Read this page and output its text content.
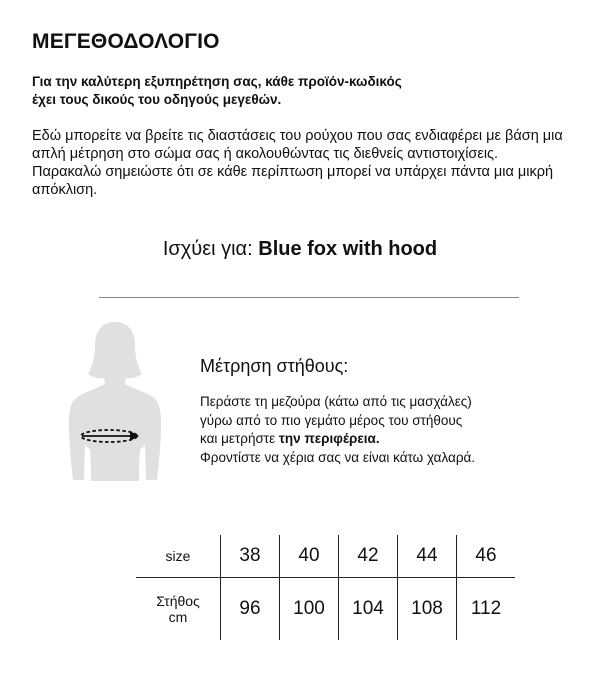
ΜΕΓΕΘΟΔΟΛΟΓΙΟ
Για την καλύτερη εξυπηρέτηση σας, κάθε προϊόν-κωδικός
έχει τους δικούς του οδηγούς μεγεθών.
Εδώ μπορείτε να βρείτε τις διαστάσεις του ρούχου που σας ενδιαφέρει με βάση μια απλή μέτρηση στο σώμα σας ή ακολουθώντας τις διεθνείς αντιστοιχίσεις.
Παρακαλώ σημειώστε ότι σε κάθε περίπτωση μπορεί να υπάρχει πάντα μια μικρή απόκλιση.
Ισχύει για: Blue fox with hood
Μέτρηση στήθους:
Περάστε τη μεζούρα (κάτω από τις μασχάλες)
γύρω από το πιο γεμάτο μέρος του στήθους
και μετρήστε την περιφέρεια.
Φροντίστε να χέρια σας να είναι κάτω χαλαρά.
size	38	40	42	44	46
Στήθος
cm	96	100	104	108	112
